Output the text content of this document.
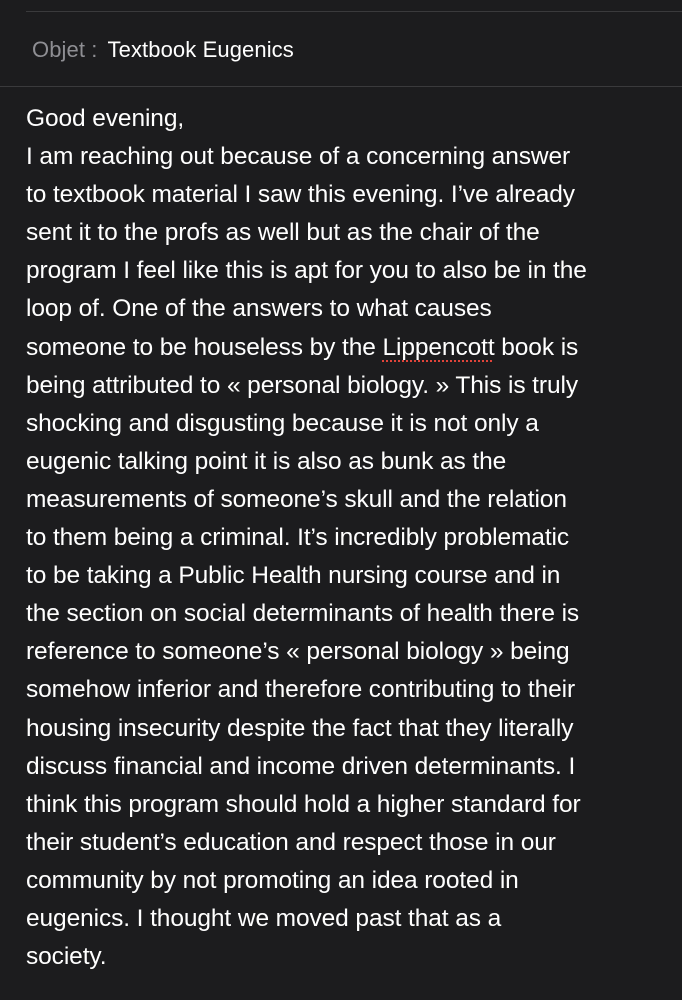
Objet : Textbook Eugenics
Good evening,
I am reaching out because of a concerning answer
to textbook material I saw this evening. I’ve already
sent it to the profs as well but as the chair of the
program I feel like this is apt for you to also be in the
loop of. One of the answers to what causes
someone to be houseless by the Lippencott book is
being attributed to « personal biology. » This is truly
shocking and disgusting because it is not only a
eugenic talking point it is also as bunk as the
measurements of someone’s skull and the relation
to them being a criminal. It’s incredibly problematic
to be taking a Public Health nursing course and in
the section on social determinants of health there is
reference to someone’s « personal biology » being
somehow inferior and therefore contributing to their
housing insecurity despite the fact that they literally
discuss financial and income driven determinants. I
think this program should hold a higher standard for
their student’s education and respect those in our
community by not promoting an idea rooted in
eugenics. I thought we moved past that as a
society.
